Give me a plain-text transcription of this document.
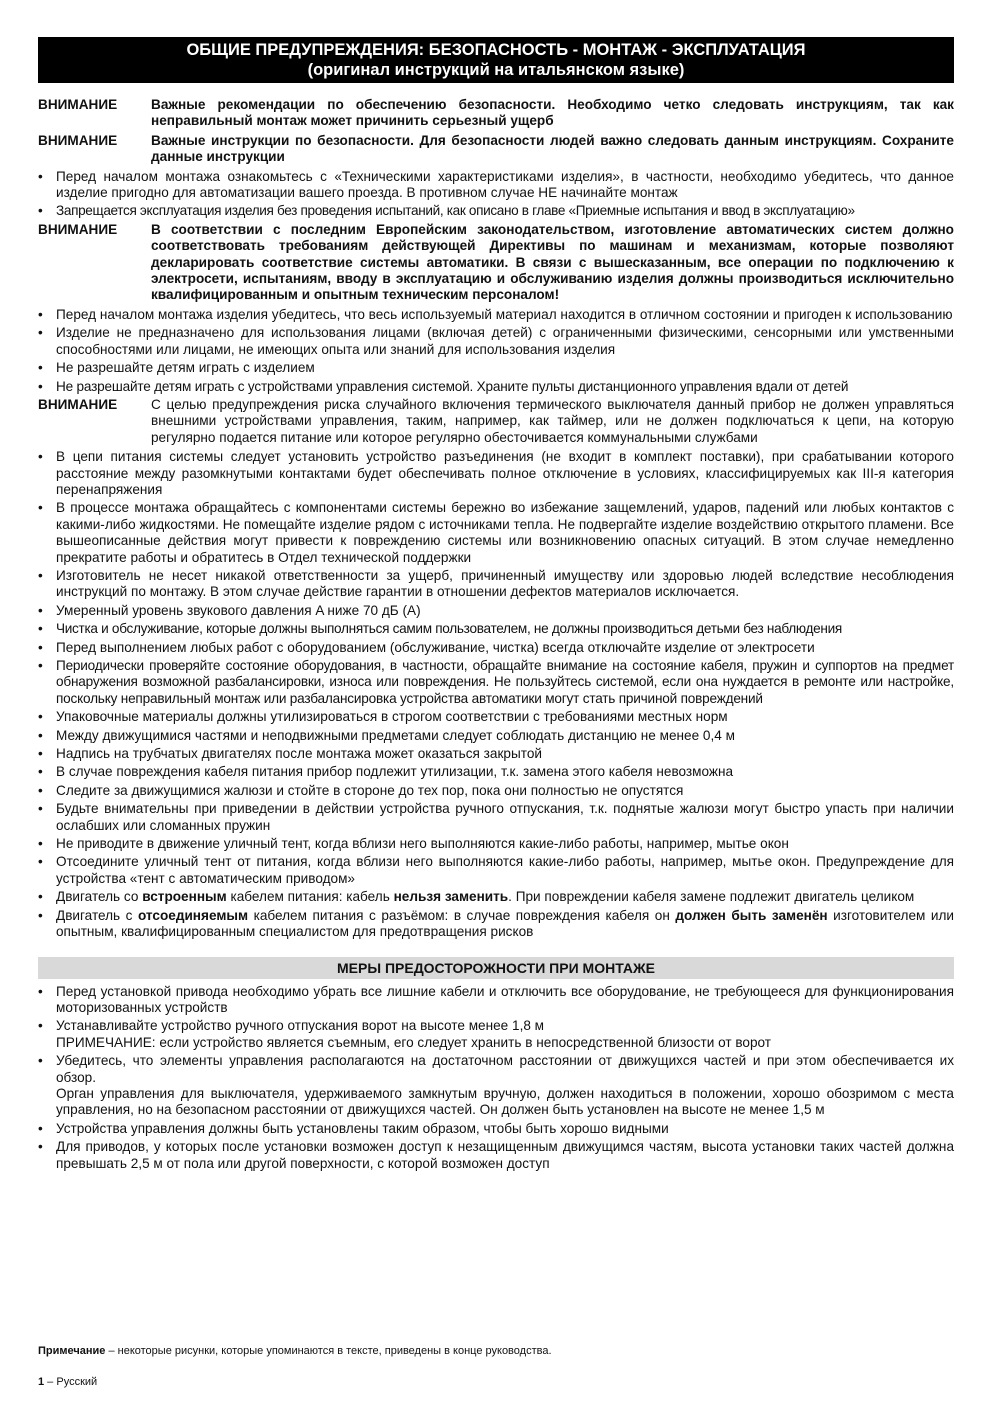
ОБЩИЕ ПРЕДУПРЕЖДЕНИЯ: БЕЗОПАСНОСТЬ - МОНТАЖ - ЭКСПЛУАТАЦИЯ
(оригинал инструкций на итальянском языке)
ВНИМАНИЕ	Важные рекомендации по обеспечению безопасности. Необходимо четко следовать инструкциям, так как неправильный монтаж может причинить серьезный ущерб
ВНИМАНИЕ	Важные инструкции по безопасности. Для безопасности людей важно следовать данным инструкциям. Сохраните данные инструкции
• Перед началом монтажа ознакомьтесь с «Техническими характеристиками изделия», в частности, необходимо убедитесь, что данное изделие пригодно для автоматизации вашего проезда. В противном случае НЕ начинайте монтаж
• Запрещается эксплуатация изделия без проведения испытаний, как описано в главе «Приемные испытания и ввод в эксплуатацию»
ВНИМАНИЕ	В соответствии с последним Европейским законодательством, изготовление автоматических систем должно соответствовать требованиям действующей Директивы по машинам и механизмам, которые позволяют декларировать соответствие системы автоматики. В связи с вышесказанным, все операции по подключению к электросети, испытаниям, вводу в эксплуатацию и обслуживанию изделия должны производиться исключительно квалифицированным и опытным техническим персоналом!
• Перед началом монтажа изделия убедитесь, что весь используемый материал находится в отличном состоянии и пригоден к использованию
• Изделие не предназначено для использования лицами (включая детей) с ограниченными физическими, сенсорными или умственными способностями или лицами, не имеющих опыта или знаний для использования изделия
• Не разрешайте детям играть с изделием
• Не разрешайте детям играть с устройствами управления системой. Храните пульты дистанционного управления вдали от детей
ВНИМАНИЕ	С целью предупреждения риска случайного включения термического выключателя данный прибор не должен управляться внешними устройствами управления, таким, например, как таймер, или не должен подключаться к цепи, на которую регулярно подается питание или которое регулярно обесточивается коммунальными службами
• В цепи питания системы следует установить устройство разъединения (не входит в комплект поставки), при срабатывании которого расстояние между разомкнутыми контактами будет обеспечивать полное отключение в условиях, классифицируемых как III-я категория перенапряжения
• В процессе монтажа обращайтесь с компонентами системы бережно во избежание защемлений, ударов, падений или любых контактов с какими-либо жидкостями. Не помещайте изделие рядом с источниками тепла. Не подвергайте изделие воздействию открытого пламени. Все вышеописанные действия могут привести к повреждению системы или возникновению опасных ситуаций. В этом случае немедленно прекратите работы и обратитесь в Отдел технической поддержки
• Изготовитель не несет никакой ответственности за ущерб, причиненный имуществу или здоровью людей вследствие несоблюдения инструкций по монтажу. В этом случае действие гарантии в отношении дефектов материалов исключается.
• Умеренный уровень звукового давления A ниже 70 дБ (A)
• Чистка и обслуживание, которые должны выполняться самим пользователем, не должны производиться детьми без наблюдения
• Перед выполнением любых работ с оборудованием (обслуживание, чистка) всегда отключайте изделие от электросети
• Периодически проверяйте состояние оборудования, в частности, обращайте внимание на состояние кабеля, пружин и суппортов на предмет обнаружения возможной разбалансировки, износа или повреждения. Не пользуйтесь системой, если она нуждается в ремонте или настройке, поскольку неправильный монтаж или разбалансировка устройства автоматики могут стать причиной повреждений
• Упаковочные материалы должны утилизироваться в строгом соответствии с требованиями местных норм
• Между движущимися частями и неподвижными предметами следует соблюдать дистанцию не менее 0,4 м
• Надпись на трубчатых двигателях после монтажа может оказаться закрытой
• В случае повреждения кабеля питания прибор подлежит утилизации, т.к. замена этого кабеля невозможна
• Следите за движущимися жалюзи и стойте в стороне до тех пор, пока они полностью не опустятся
• Будьте внимательны при приведении в действии устройства ручного отпускания, т.к. поднятые жалюзи могут быстро упасть при наличии ослабших или сломанных пружин
• Не приводите в движение уличный тент, когда вблизи него выполняются какие-либо работы, например, мытье окон
• Отсоедините уличный тент от питания, когда вблизи него выполняются какие-либо работы, например, мытье окон. Предупреждение для устройства «тент с автоматическим приводом»
• Двигатель со встроенным кабелем питания: кабель нельзя заменить. При повреждении кабеля замене подлежит двигатель целиком
• Двигатель с отсоединяемым кабелем питания с разъёмом: в случае повреждения кабеля он должен быть заменён изготовителем или опытным, квалифицированным специалистом для предотвращения рисков
МЕРЫ ПРЕДОСТОРОЖНОСТИ ПРИ МОНТАЖЕ
• Перед установкой привода необходимо убрать все лишние кабели и отключить все оборудование, не требующееся для функционирования моторизованных устройств
• Устанавливайте устройство ручного отпускания ворот на высоте менее 1,8 м
ПРИМЕЧАНИЕ: если устройство является съемным, его следует хранить в непосредственной близости от ворот
• Убедитесь, что элементы управления располагаются на достаточном расстоянии от движущихся частей и при этом обеспечивается их обзор.
Орган управления для выключателя, удерживаемого замкнутым вручную, должен находиться в положении, хорошо обозримом с места управления, но на безопасном расстоянии от движущихся частей. Он должен быть установлен на высоте не менее 1,5 м
• Устройства управления должны быть установлены таким образом, чтобы быть хорошо видными
• Для приводов, у которых после установки возможен доступ к незащищенным движущимся частям, высота установки таких частей должна превышать 2,5 м от пола или другой поверхности, с которой возможен доступ
Примечание – некоторые рисунки, которые упоминаются в тексте, приведены в конце руководства.
1 – Русский
